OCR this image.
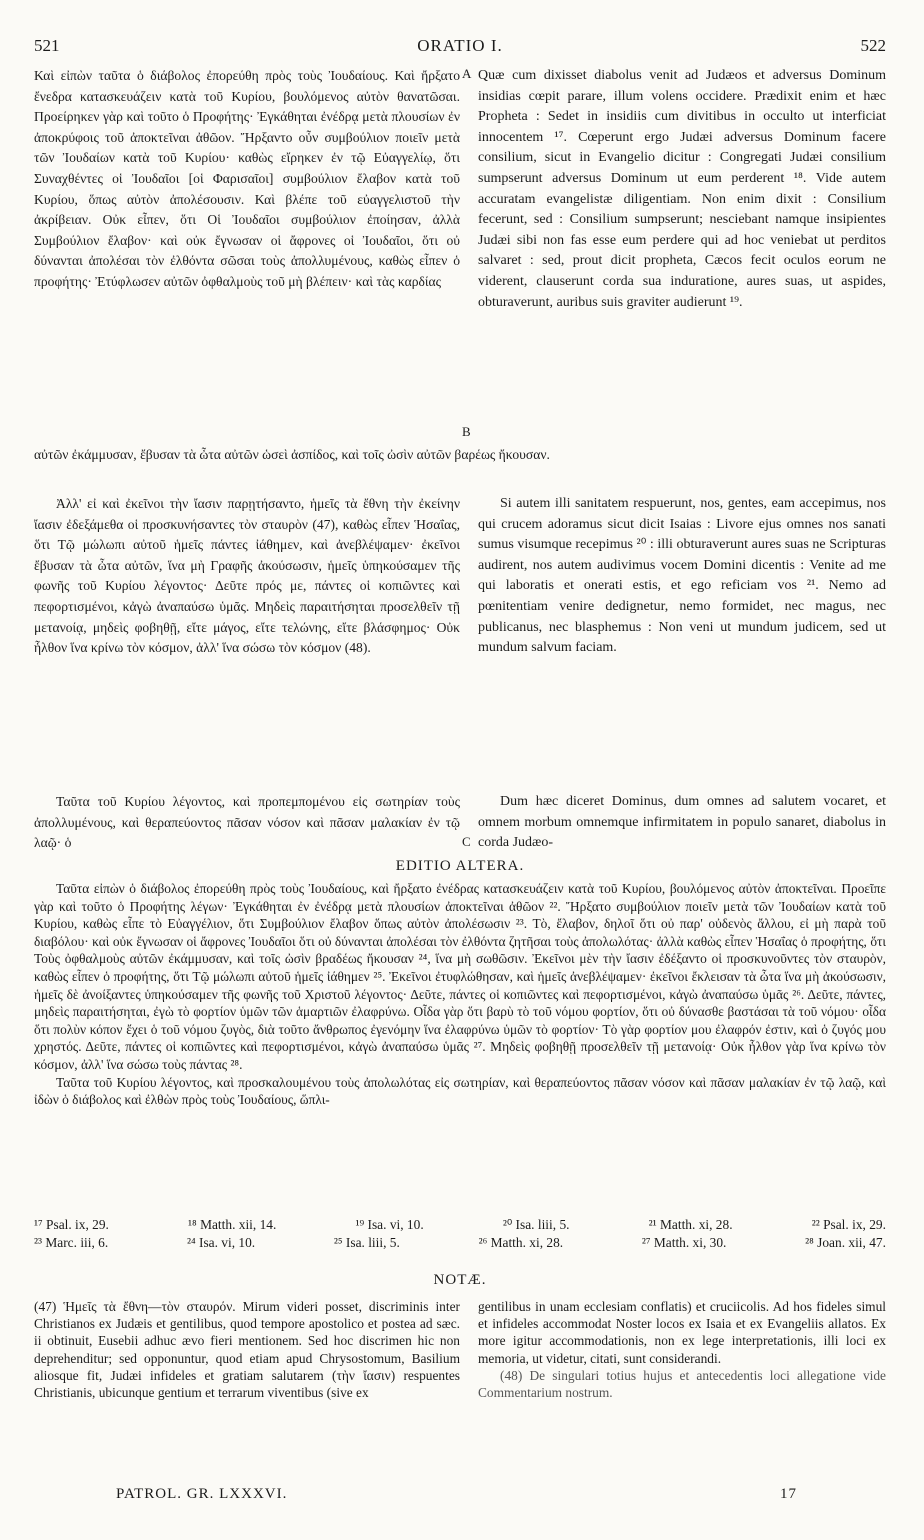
521	ORATIO I.	522

Καὶ εἰπὼν ταῦτα ὁ διάβολος ἐπορεύθη πρὸς τοὺς Ἰουδαίους. Καὶ ἤρξατο ἔνεδρα κατασκευάζειν κατὰ τοῦ Κυρίου, βουλόμενος αὐτὸν θανατῶσαι. Προείρηκεν γὰρ καὶ τοῦτο ὁ Προφήτης· Ἐγκάθηται ἐνέδρᾳ μετὰ πλουσίων ἐν ἀποκρύφοις τοῦ ἀποκτεῖναι ἀθῶον. Ἤρξαντο οὖν συμβούλιον ποιεῖν μετὰ τῶν Ἰουδαίων κατὰ τοῦ Κυρίου· καθὼς εἴρηκεν ἐν τῷ Εὐαγγελίῳ, ὅτι Συναχθέντες οἱ Ἰουδαῖοι [οἱ Φαρισαῖοι] συμβούλιον ἔλαβον κατὰ τοῦ Κυρίου, ὅπως αὐτὸν ἀπολέσουσιν. Καὶ βλέπε τοῦ εὐαγγελιστοῦ τὴν ἀκρίβειαν. Οὐκ εἶπεν, ὅτι Οἱ Ἰουδαῖοι συμβούλιον ἐποίησαν, ἀλλὰ Συμβούλιον ἔλαβον· καὶ οὐκ ἔγνωσαν οἱ ἄφρονες οἱ Ἰουδαῖοι, ὅτι οὐ δύνανται ἀπολέσαι τὸν ἐλθόντα σῶσαι τοὺς ἀπολλυμένους, καθὼς εἶπεν ὁ προφήτης· Ἐτύφλωσεν αὐτῶν ὀφθαλμοὺς τοῦ μὴ βλέπειν· καὶ τὰς καρδίας

αὐτῶν ἐκάμμυσαν, ἔβυσαν τὰ ὦτα αὐτῶν ὡσεὶ ἀσπίδος, καὶ τοῖς ὠσὶν αὐτῶν βαρέως ἤκουσαν.

Ἀλλ' εἰ καὶ ἐκεῖνοι τὴν ἴασιν παρῃτήσαντο, ἡμεῖς τὰ ἔθνη τὴν ἐκείνην ἴασιν ἐδεξάμεθα οἱ προσκυνήσαντες τὸν σταυρὸν (47), καθὼς εἶπεν Ἡσαΐας, ὅτι Τῷ μώλωπι αὐτοῦ ἡμεῖς πάντες ἰάθημεν, καὶ ἀνεβλέψαμεν· ἐκεῖνοι ἔβυσαν τὰ ὦτα αὐτῶν, ἵνα μὴ Γραφῆς ἀκούσωσιν, ἡμεῖς ὑπηκούσαμεν τῆς φωνῆς τοῦ Κυρίου λέγοντος· Δεῦτε πρός με, πάντες οἱ κοπιῶντες καὶ πεφορτισμένοι, κἀγὼ ἀναπαύσω ὑμᾶς. Μηδεὶς παραιτήσηται προσελθεῖν τῇ μετανοίᾳ, μηδεὶς φοβηθῇ, εἴτε μάγος, εἴτε τελώνης, εἴτε βλάσφημος· Οὐκ ἦλθον ἵνα κρίνω τὸν κόσμον, ἀλλ' ἵνα σώσω τὸν κόσμον (48).

Ταῦτα τοῦ Κυρίου λέγοντος, καὶ προπεμπομένου εἰς σωτηρίαν τοὺς ἀπολλυμένους, καὶ θεραπεύοντος πᾶσαν νόσον καὶ πᾶσαν μαλακίαν ἐν τῷ λαῷ· ὁ

Quæ cum dixisset diabolus venit ad Judæos et adversus Dominum insidias cœpit parare, illum volens occidere. Prædixit enim et hæc Propheta : Sedet in insidiis cum divitibus in occulto ut interficiat innocentem ¹⁷. Cœperunt ergo Judæi adversus Dominum facere consilium, sicut in Evangelio dicitur : Congregati Judæi consilium sumpserunt adversus Dominum ut eum perderent ¹⁸. Vide autem accuratam evangelistæ diligentiam. Non enim dixit : Consilium fecerunt, sed : Consilium sumpserunt; nesciebant namque insipientes Judæi sibi non fas esse eum perdere qui ad hoc veniebat ut perditos salvaret : sed, prout dicit propheta, Cæcos fecit oculos eorum ne viderent, clauserunt corda sua induratione, aures suas, ut aspides, obturaverunt, auribus suis graviter audierunt ¹⁹.

Si autem illi sanitatem respuerunt, nos, gentes, eam accepimus, nos qui crucem adoramus sicut dicit Isaias : Livore ejus omnes nos sanati sumus visumque recepimus ²⁰ : illi obturaverunt aures suas ne Scripturas audirent, nos autem audivimus vocem Domini dicentis : Venite ad me qui laboratis et onerati estis, et ego reficiam vos ²¹. Nemo ad pœnitentiam venire dedignetur, nemo formidet, nec magus, nec publicanus, nec blasphemus : Non veni ut mundum judicem, sed ut mundum salvum faciam.

Dum hæc diceret Dominus, dum omnes ad salutem vocaret, et omnem morbum omnemque infirmitatem in populo sanaret, diabolus in corda Judæo-

A
B
C
EDITIO ALTERA.

Ταῦτα εἰπὼν ὁ διάβολος ἐπορεύθη πρὸς τοὺς Ἰουδαίους, καὶ ἤρξατο ἐνέδρας κατασκευάζειν κατὰ τοῦ Κυρίου, βουλόμενος αὐτὸν ἀποκτεῖναι. Προεῖπε γὰρ καὶ τοῦτο ὁ Προφήτης λέγων· Ἐγκάθηται ἐν ἐνέδρᾳ μετὰ πλουσίων ἀποκτεῖναι ἀθῶον ²². Ἤρξατο συμβούλιον ποιεῖν μετὰ τῶν Ἰουδαίων κατὰ τοῦ Κυρίου, καθὼς εἶπε τὸ Εὐαγγέλιον, ὅτι Συμβούλιον ἔλαβον ὅπως αὐτὸν ἀπολέσωσιν ²³. Τὸ, ἔλαβον, δηλοῖ ὅτι οὐ παρ' οὐδενὸς ἄλλου, εἰ μὴ παρὰ τοῦ διαβόλου· καὶ οὐκ ἔγνωσαν οἱ ἄφρονες Ἰουδαῖοι ὅτι οὐ δύνανται ἀπολέσαι τὸν ἐλθόντα ζητῆσαι τοὺς ἀπολωλότας· ἀλλὰ καθὼς εἶπεν Ἡσαΐας ὁ προφήτης, ὅτι Τοὺς ὀφθαλμοὺς αὐτῶν ἐκάμμυσαν, καὶ τοῖς ὠσὶν βραδέως ἤκουσαν ²⁴, ἵνα μὴ σωθῶσιν. Ἐκεῖνοι μὲν τὴν ἴασιν ἐδέξαντο οἱ προσκυνοῦντες τὸν σταυρὸν, καθὼς εἶπεν ὁ προφήτης, ὅτι Τῷ μώλωπι αὐτοῦ ἡμεῖς ἰάθημεν ²⁵. Ἐκεῖνοι ἐτυφλώθησαν, καὶ ἡμεῖς ἀνεβλέψαμεν· ἐκεῖνοι ἔκλεισαν τὰ ὦτα ἵνα μὴ ἀκούσωσιν, ἡμεῖς δὲ ἀνοίξαντες ὑπηκούσαμεν τῆς φωνῆς τοῦ Χριστοῦ λέγοντος· Δεῦτε, πάντες οἱ κοπιῶντες καὶ πεφορτισμένοι, κἀγὼ ἀναπαύσω ὑμᾶς ²⁶. Δεῦτε, πάντες, μηδεὶς παραιτήσηται, ἐγὼ τὸ φορτίον ὑμῶν τῶν ἁμαρτιῶν ἐλαφρύνω. Οἶδα γὰρ ὅτι βαρὺ τὸ τοῦ νόμου φορτίον, ὅτι οὐ δύνασθε βαστάσαι τὰ τοῦ νόμου· οἶδα ὅτι πολὺν κόπον ἔχει ὁ τοῦ νόμου ζυγὸς, διὰ τοῦτο ἄνθρωπος ἐγενόμην ἵνα ἐλαφρύνω ὑμῶν τὸ φορτίον· Τὸ γὰρ φορτίον μου ἐλαφρόν ἐστιν, καὶ ὁ ζυγός μου χρηστός. Δεῦτε, πάντες οἱ κοπιῶντες καὶ πεφορτισμένοι, κἀγὼ ἀναπαύσω ὑμᾶς ²⁷. Μηδεὶς φοβηθῇ προσελθεῖν τῇ μετανοίᾳ· Οὐκ ἦλθον γὰρ ἵνα κρίνω τὸν κόσμον, ἀλλ' ἵνα σώσω τοὺς πάντας ²⁸.

Ταῦτα τοῦ Κυρίου λέγοντος, καὶ προσκαλουμένου τοὺς ἀπολωλότας εἰς σωτηρίαν, καὶ θεραπεύοντος πᾶσαν νόσον καὶ πᾶσαν μαλακίαν ἐν τῷ λαῷ, καὶ ἰδὼν ὁ διάβολος καὶ ἐλθὼν πρὸς τοὺς Ἰουδαίους, ὥπλι-

¹⁷ Psal. ix, 29.	¹⁸ Matth. xii, 14.	¹⁹ Isa. vi, 10.	²⁰ Isa. liii, 5.	²¹ Matth. xi, 28.	²² Psal. ix, 29.
²³ Marc. iii, 6.	²⁴ Isa. vi, 10.	²⁵ Isa. liii, 5.	²⁶ Matth. xi, 28.	²⁷ Matth. xi, 30.	²⁸ Joan. xii, 47.
NOTÆ.

(47) Ἡμεῖς τὰ ἔθνη—τὸν σταυρόν. Mirum videri posset, discriminis inter Christianos ex Judæis et gentilibus, quod tempore apostolico et postea ad sæc. ii obtinuit, Eusebii adhuc ævo fieri mentionem. Sed hoc discrimen hic non deprehenditur; sed opponuntur, quod etiam apud Chrysostomum, Basilium aliosque fit, Judæi infideles et gratiam salutarem (τὴν ἴασιν) respuentes Christianis, ubicunque gentium et terrarum viventibus (sive ex

gentilibus in unam ecclesiam conflatis) et cruciicolis. Ad hos fideles simul et infideles accommodat Noster locos ex Isaia et ex Evangeliis allatos. Ex more igitur accommodationis, non ex lege interpretationis, illi loci ex memoria, ut videtur, citati, sunt considerandi.

(48) De singulari totius hujus et antecedentis loci allegatione vide Commentarium nostrum.

PATROL. GR. LXXXVI.	17
